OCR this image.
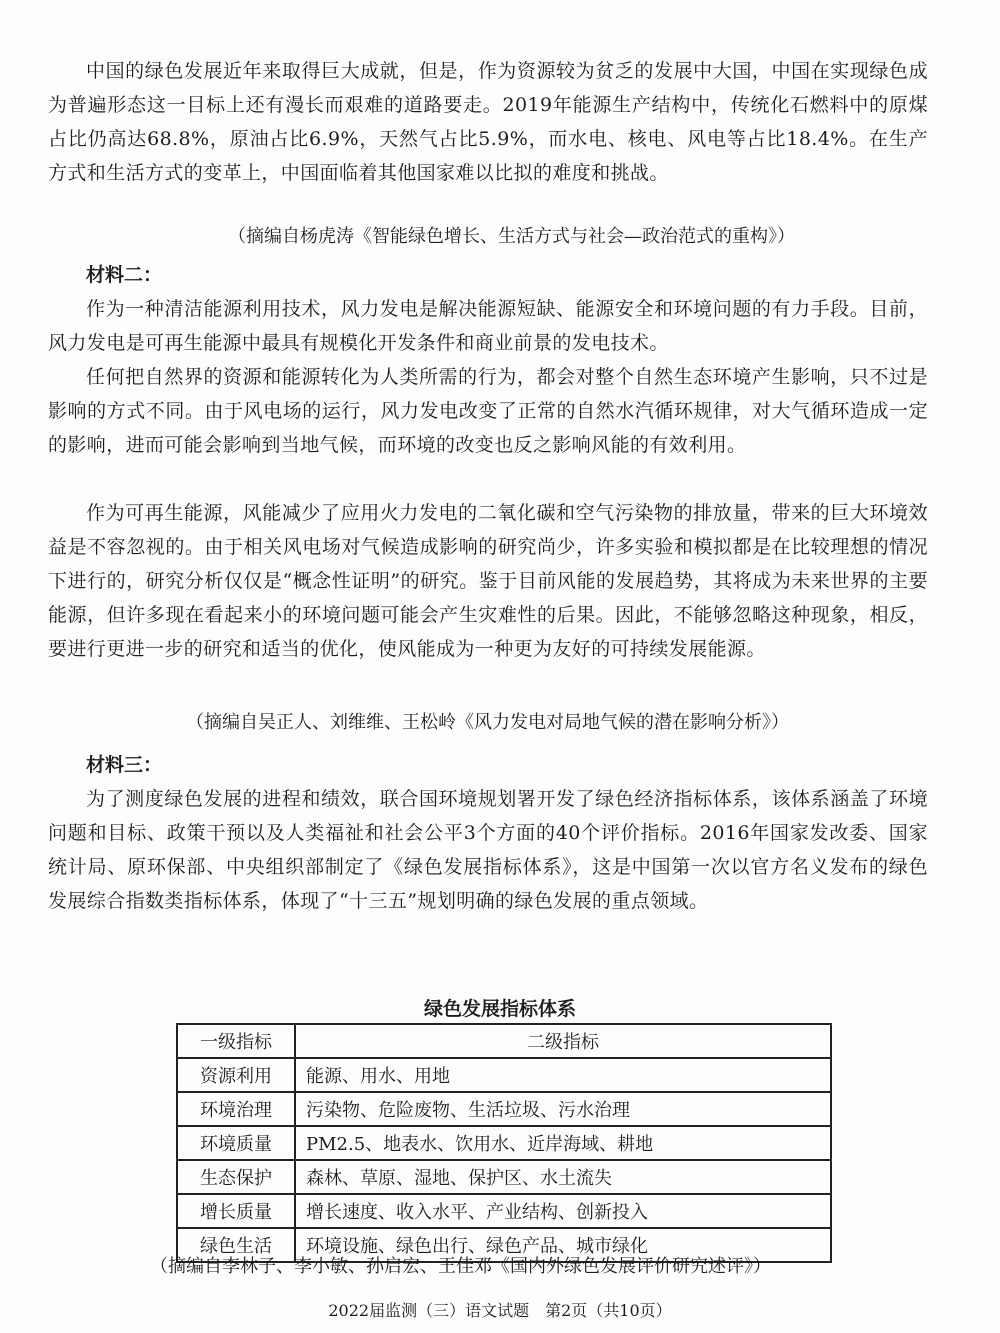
中国的绿色发展近年来取得巨大成就，但是，作为资源较为贫乏的发展中大国，中国在实现绿色成为普遍形态这一目标上还有漫长而艰难的道路要走。2019年能源生产结构中，传统化石燃料中的原煤占比仍高达68.8%，原油占比6.9%，天然气占比5.9%，而水电、核电、风电等占比18.4%。在生产方式和生活方式的变革上，中国面临着其他国家难以比拟的难度和挑战。

（摘编自杨虎涛《智能绿色增长、生活方式与社会—政治范式的重构》）

材料二：

作为一种清洁能源利用技术，风力发电是解决能源短缺、能源安全和环境问题的有力手段。目前，风力发电是可再生能源中最具有规模化开发条件和商业前景的发电技术。

任何把自然界的资源和能源转化为人类所需的行为，都会对整个自然生态环境产生影响，只不过是影响的方式不同。由于风电场的运行，风力发电改变了正常的自然水汽循环规律，对大气循环造成一定的影响，进而可能会影响到当地气候，而环境的改变也反之影响风能的有效利用。

作为可再生能源，风能减少了应用火力发电的二氧化碳和空气污染物的排放量，带来的巨大环境效益是不容忽视的。由于相关风电场对气候造成影响的研究尚少，许多实验和模拟都是在比较理想的情况下进行的，研究分析仅仅是“概念性证明”的研究。鉴于目前风能的发展趋势，其将成为未来世界的主要能源，但许多现在看起来小的环境问题可能会产生灾难性的后果。因此，不能够忽略这种现象，相反，要进行更进一步的研究和适当的优化，使风能成为一种更为友好的可持续发展能源。

（摘编自吴正人、刘维维、王松岭《风力发电对局地气候的潜在影响分析》）

材料三：

为了测度绿色发展的进程和绩效，联合国环境规划署开发了绿色经济指标体系，该体系涵盖了环境问题和目标、政策干预以及人类福祉和社会公平3个方面的40个评价指标。2016年国家发改委、国家统计局、原环保部、中央组织部制定了《绿色发展指标体系》，这是中国第一次以官方名义发布的绿色发展综合指数类指标体系，体现了“十三五”规划明确的绿色发展的重点领域。

绿色发展指标体系
一级指标	二级指标
资源利用	能源、用水、用地
环境治理	污染物、危险废物、生活垃圾、污水治理
环境质量	PM2.5、地表水、饮用水、近岸海域、耕地
生态保护	森林、草原、湿地、保护区、水土流失
增长质量	增长速度、收入水平、产业结构、创新投入
绿色生活	环境设施、绿色出行、绿色产品、城市绿化

（摘编自李林子、李小敏、孙启宏、王佳邓《国内外绿色发展评价研究述评》）

2022届监测（三）语文试题　第2页（共10页）
